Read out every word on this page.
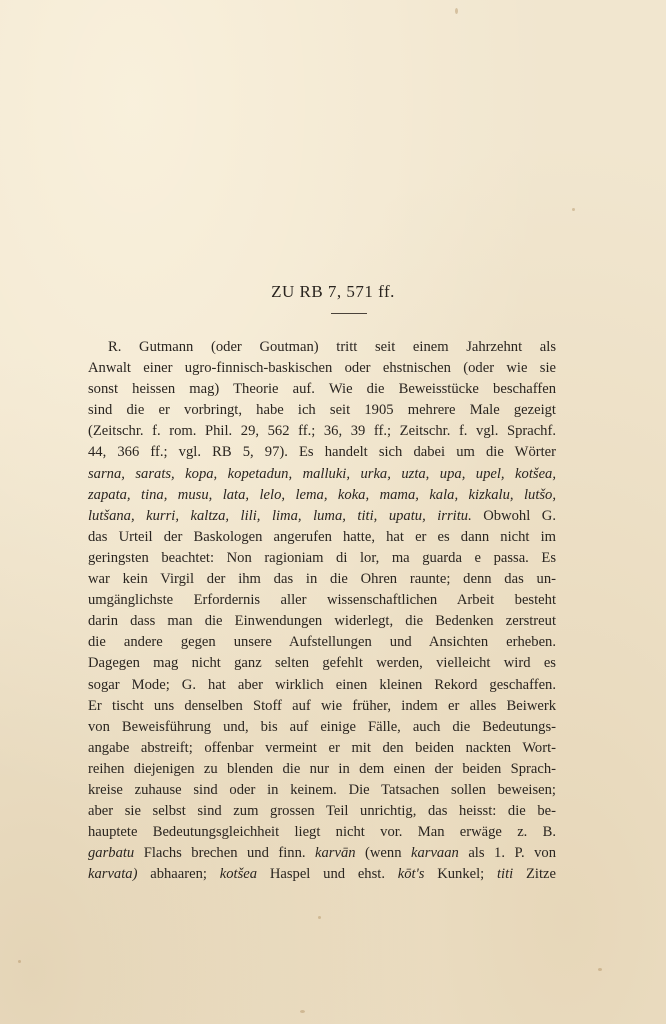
ZU RB 7, 571 ff.
R. Gutmann (oder Goutman) tritt seit einem Jahrzehnt als
Anwalt einer ugro-finnisch-baskischen oder ehstnischen (oder wie sie
sonst heissen mag) Theorie auf. Wie die Beweisstücke beschaffen
sind die er vorbringt, habe ich seit 1905 mehrere Male gezeigt
(Zeitschr. f. rom. Phil. 29, 562 ff.; 36, 39 ff.; Zeitschr. f. vgl. Sprachf.
44, 366 ff.; vgl. RB 5, 97). Es handelt sich dabei um die Wörter
sarna, sarats, kopa, kopetadun, malluki, urka, uzta, upa, upel, kotšea,
zapata, tina, musu, lata, lelo, lema, koka, mama, kala, kizkalu, lutšo,
lutšana, kurri, kaltza, lili, lima, luma, titi, upatu, irritu. Obwohl G.
das Urteil der Baskologen angerufen hatte, hat er es dann nicht im
geringsten beachtet: Non ragioniam di lor, ma guarda e passa. Es
war kein Virgil der ihm das in die Ohren raunte; denn das un-
umgänglichste Erfordernis aller wissenschaftlichen Arbeit besteht
darin dass man die Einwendungen widerlegt, die Bedenken zerstreut
die andere gegen unsere Aufstellungen und Ansichten erheben.
Dagegen mag nicht ganz selten gefehlt werden, vielleicht wird es
sogar Mode; G. hat aber wirklich einen kleinen Rekord geschaffen.
Er tischt uns denselben Stoff auf wie früher, indem er alles Beiwerk
von Beweisführung und, bis auf einige Fälle, auch die Bedeutungs-
angabe abstreift; offenbar vermeint er mit den beiden nackten Wort-
reihen diejenigen zu blenden die nur in dem einen der beiden Sprach-
kreise zuhause sind oder in keinem. Die Tatsachen sollen beweisen;
aber sie selbst sind zum grossen Teil unrichtig, das heisst: die be-
hauptete Bedeutungsgleichheit liegt nicht vor. Man erwäge z. B.
garbatu Flachs brechen und finn. karvān (wenn karvaan als 1. P. von
karvata) abhaaren; kotšea Haspel und ehst. kōt's Kunkel; titi Zitze
